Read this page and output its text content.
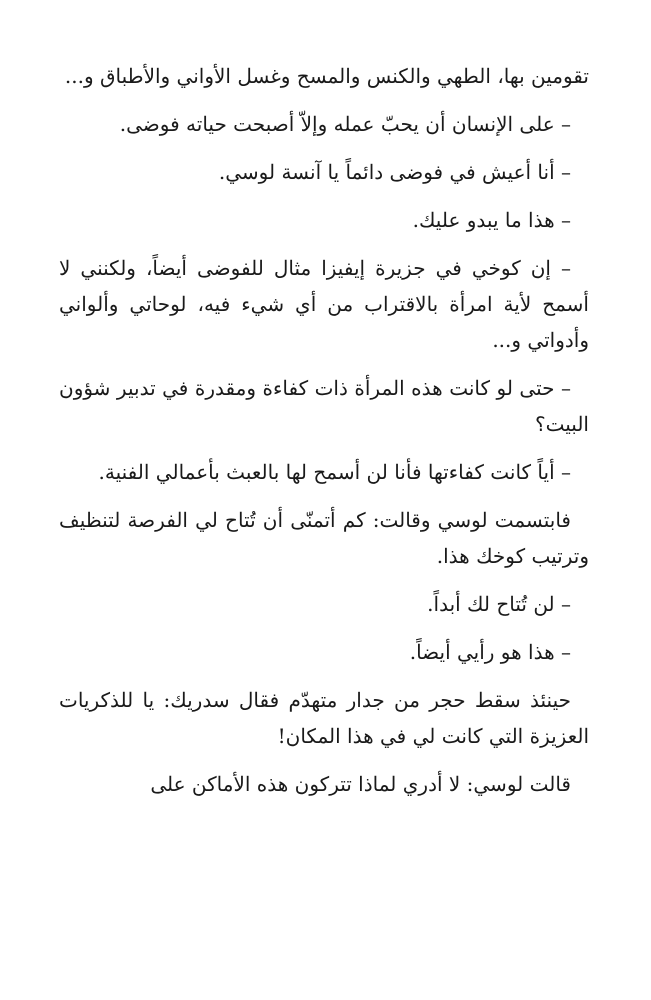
تقومين بها، الطهي والكنس والمسح وغسل الأواني والأطباق و...

– على الإنسان أن يحبّ عمله وإلاّ أصبحت حياته فوضى.

– أنا أعيش في فوضى دائماً يا آنسة لوسي.

– هذا ما يبدو عليك.

– إن كوخي في جزيرة إيفيزا مثال للفوضى أيضاً، ولكنني لا أسمح لأية امرأة بالاقتراب من أي شيء فيه، لوحاتي وألواني وأدواتي و...

– حتى لو كانت هذه المرأة ذات كفاءة ومقدرة في تدبير شؤون البيت؟

– أياً كانت كفاءتها فأنا لن أسمح لها بالعبث بأعمالي الفنية.

فابتسمت لوسي وقالت: كم أتمنّى أن تُتاح لي الفرصة لتنظيف وترتيب كوخك هذا.

– لن تُتاح لك أبداً.

– هذا هو رأيي أيضاً.

حينئذ سقط حجر من جدار متهدّم فقال سدريك: يا للذكريات العزيزة التي كانت لي في هذا المكان!

قالت لوسي: لا أدري لماذا تتركون هذه الأماكن على
